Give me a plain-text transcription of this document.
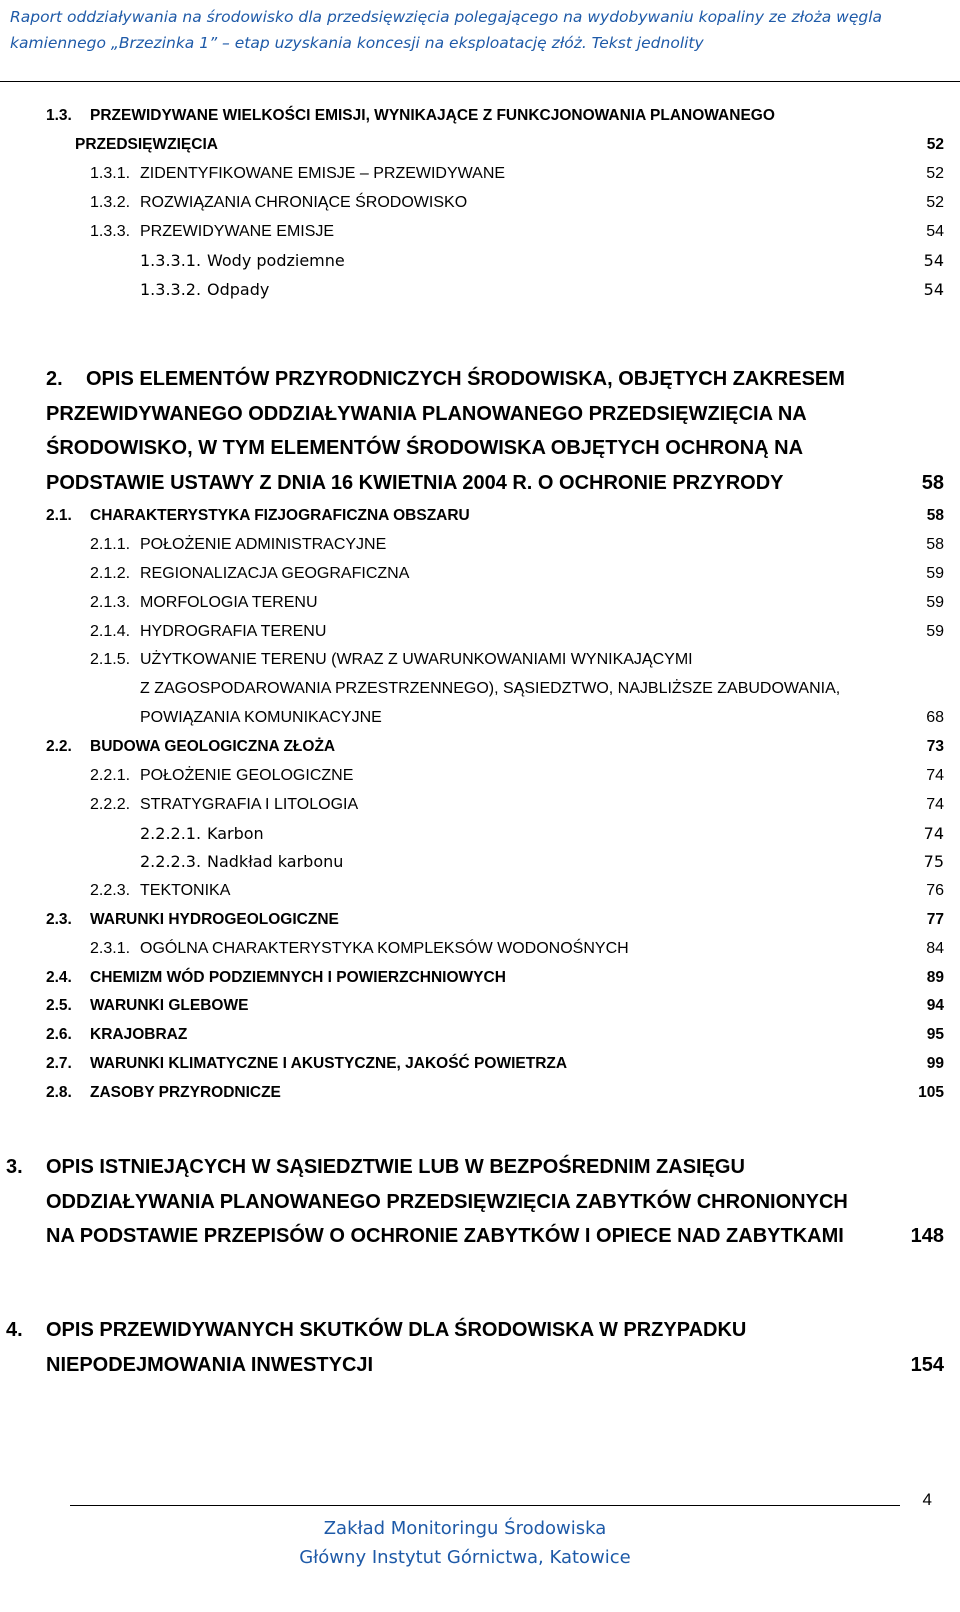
Raport oddziaływania na środowisko dla przedsięwzięcia polegającego na wydobywaniu kopaliny ze złoża węgla
kamiennego „Brzezinka 1” – etap uzyskania koncesji na eksploatację złóż. Tekst jednolity
1.3. PRZEWIDYWANE WIELKOŚCI EMISJI, WYNIKAJĄCE Z FUNKCJONOWANIA PLANOWANEGO
PRZEDSIĘWZIĘCIA	52
1.3.1. ZIDENTYFIKOWANE EMISJE – PRZEWIDYWANE	52
1.3.2. ROZWIĄZANIA CHRONIĄCE ŚRODOWISKO	52
1.3.3. PRZEWIDYWANE EMISJE	54
1.3.3.1. Wody podziemne	54
1.3.3.2. Odpady	54
2. OPIS ELEMENTÓW PRZYRODNICZYCH ŚRODOWISKA, OBJĘTYCH ZAKRESEM
PRZEWIDYWANEGO ODDZIAŁYWANIA PLANOWANEGO PRZEDSIĘWZIĘCIA NA
ŚRODOWISKO, W TYM ELEMENTÓW ŚRODOWISKA OBJĘTYCH OCHRONĄ NA
PODSTAWIE USTAWY Z DNIA 16 KWIETNIA 2004 R. O OCHRONIE PRZYRODY	58
2.1. CHARAKTERYSTYKA FIZJOGRAFICZNA OBSZARU	58
2.1.1. POŁOŻENIE ADMINISTRACYJNE	58
2.1.2. REGIONALIZACJA GEOGRAFICZNA	59
2.1.3. MORFOLOGIA TERENU	59
2.1.4. HYDROGRAFIA TERENU	59
2.1.5. UŻYTKOWANIE TERENU (WRAZ Z UWARUNKOWANIAMI WYNIKAJĄCYMI
Z ZAGOSPODAROWANIA PRZESTRZENNEGO), SĄSIEDZTWO, NAJBLIŻSZE ZABUDOWANIA,
POWIĄZANIA KOMUNIKACYJNE	68
2.2. BUDOWA GEOLOGICZNA ZŁOŻA	73
2.2.1. POŁOŻENIE GEOLOGICZNE	74
2.2.2. STRATYGRAFIA I LITOLOGIA	74
2.2.2.1. Karbon	74
2.2.2.3. Nadkład karbonu	75
2.2.3. TEKTONIKA	76
2.3. WARUNKI HYDROGEOLOGICZNE	77
2.3.1. OGÓLNA CHARAKTERYSTYKA KOMPLEKSÓW WODONOŚNYCH	84
2.4. CHEMIZM WÓD PODZIEMNYCH I POWIERZCHNIOWYCH	89
2.5. WARUNKI GLEBOWE	94
2.6. KRAJOBRAZ	95
2.7. WARUNKI KLIMATYCZNE I AKUSTYCZNE, JAKOŚĆ POWIETRZA	99
2.8. ZASOBY PRZYRODNICZE	105
3. OPIS ISTNIEJĄCYCH W SĄSIEDZTWIE LUB W BEZPOŚREDNIM ZASIĘGU
ODDZIAŁYWANIA PLANOWANEGO PRZEDSIĘWZIĘCIA ZABYTKÓW CHRONIONYCH
NA PODSTAWIE PRZEPISÓW O OCHRONIE ZABYTKÓW I OPIECE NAD ZABYTKAMI	148
4. OPIS PRZEWIDYWANYCH SKUTKÓW DLA ŚRODOWISKA W PRZYPADKU
NIEPODEJMOWANIA INWESTYCJI	154
4
Zakład Monitoringu Środowiska
Główny Instytut Górnictwa, Katowice
